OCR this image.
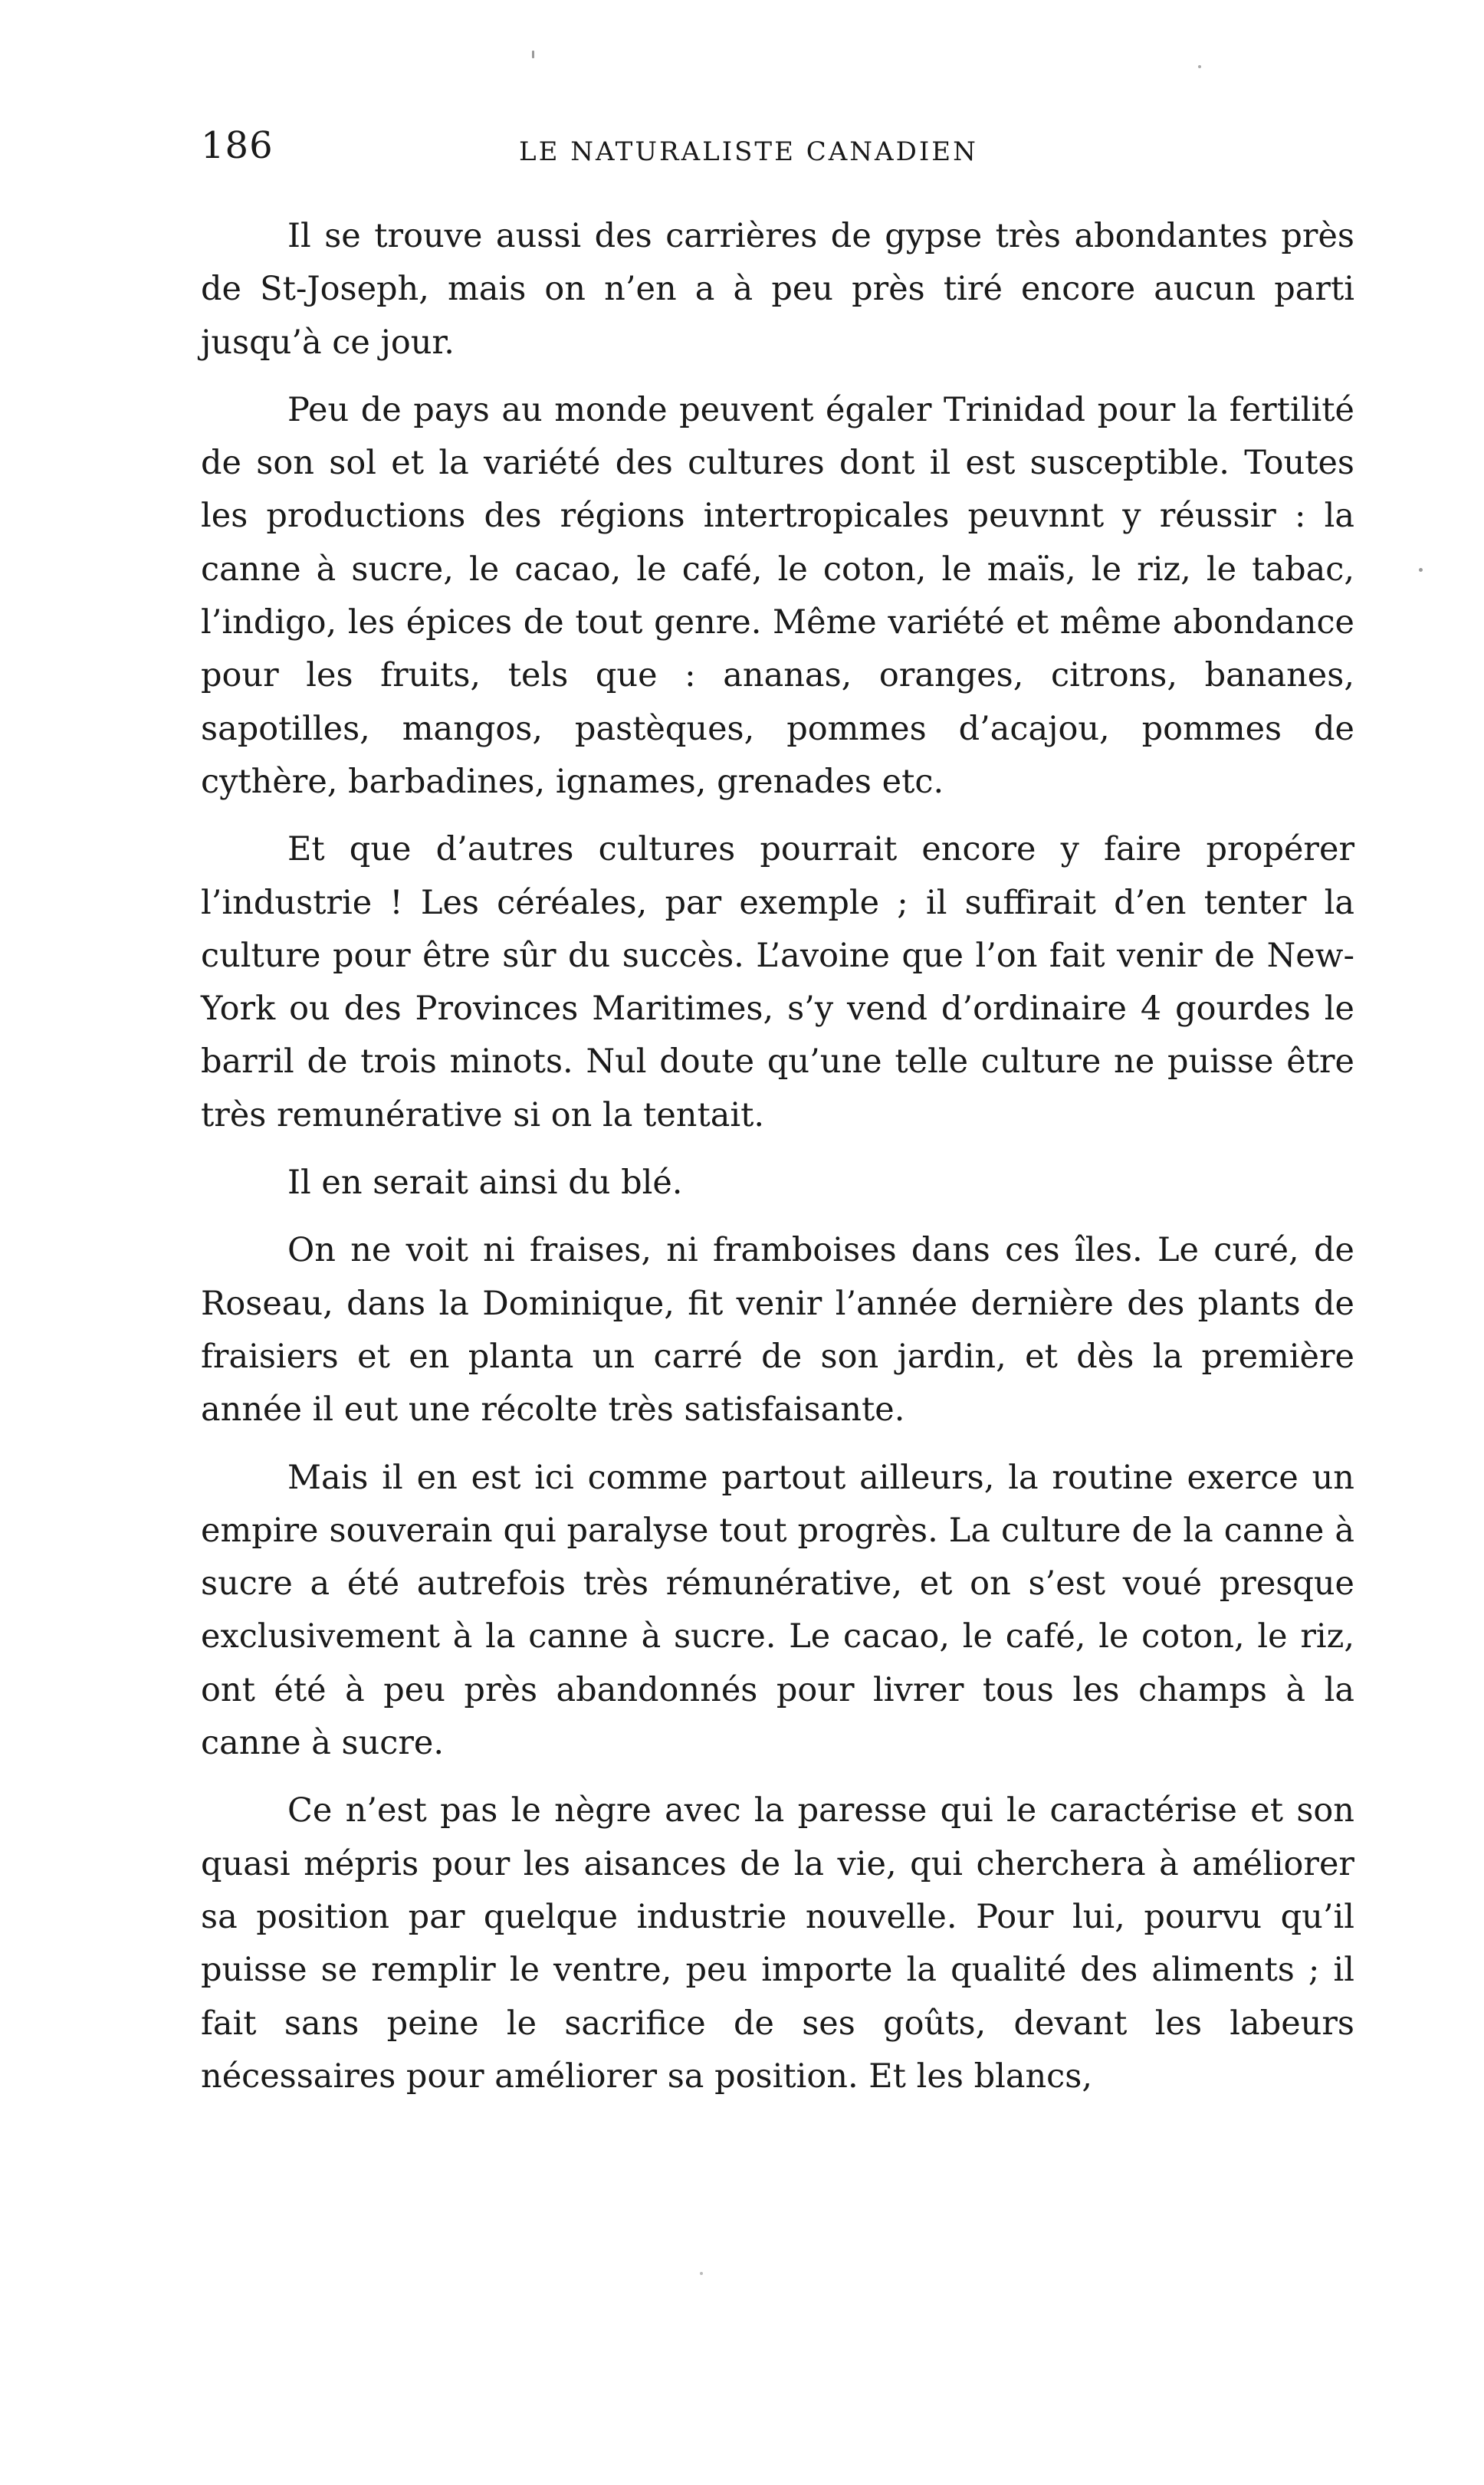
186	LE NATURALISTE CANADIEN

Il se trouve aussi des carrières de gypse très abondantes près de St-Joseph, mais on n’en a à peu près tiré encore aucun parti jusqu’à ce jour.

Peu de pays au monde peuvent égaler Trinidad pour la fertilité de son sol et la variété des cultures dont il est susceptible. Toutes les productions des régions intertropicales peuvnnt y réussir : la canne à sucre, le cacao, le café, le coton, le maïs, le riz, le tabac, l’indigo, les épices de tout genre. Même variété et même abondance pour les fruits, tels que : ananas, oranges, citrons, bananes, sapotilles, mangos, pastèques, pommes d’acajou, pommes de cythère, barbadines, ignames, grenades etc.

Et que d’autres cultures pourrait encore y faire propérer l’industrie ! Les céréales, par exemple ; il suffirait d’en tenter la culture pour être sûr du succès. L’avoine que l’on fait venir de New-York ou des Provinces Maritimes, s’y vend d’ordinaire 4 gourdes le barril de trois minots. Nul doute qu’une telle culture ne puisse être très remunérative si on la tentait.

Il en serait ainsi du blé.

On ne voit ni fraises, ni framboises dans ces îles. Le curé, de Roseau, dans la Dominique, fit venir l’année dernière des plants de fraisiers et en planta un carré de son jardin, et dès la première année il eut une récolte très satisfaisante.

Mais il en est ici comme partout ailleurs, la routine exerce un empire souverain qui paralyse tout progrès. La culture de la canne à sucre a été autrefois très rémunérative, et on s’est voué presque exclusivement à la canne à sucre. Le cacao, le café, le coton, le riz, ont été à peu près abandonnés pour livrer tous les champs à la canne à sucre.

Ce n’est pas le nègre avec la paresse qui le caractérise et son quasi mépris pour les aisances de la vie, qui cherchera à améliorer sa position par quelque industrie nouvelle. Pour lui, pourvu qu’il puisse se remplir le ventre, peu importe la qualité des aliments ; il fait sans peine le sacrifice de ses goûts, devant les labeurs nécessaires pour améliorer sa position. Et les blancs,
